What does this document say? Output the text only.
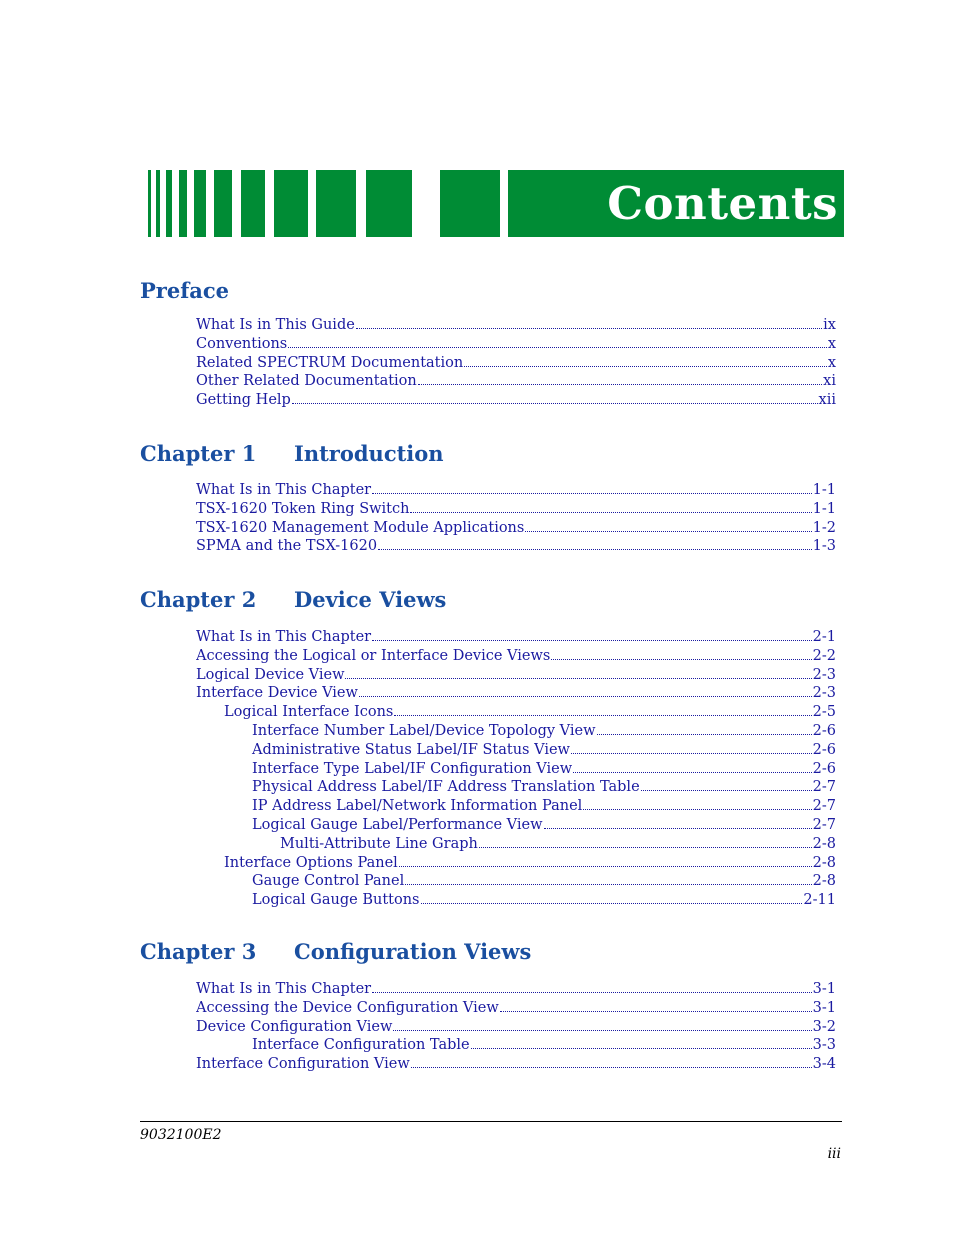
Contents
Preface
What Is in This Guide	ix
Conventions	x
Related SPECTRUM Documentation	x
Other Related Documentation	xi
Getting Help	xii
Chapter 1 Introduction
What Is in This Chapter	1-1
TSX-1620 Token Ring Switch	1-1
TSX-1620 Management Module Applications	1-2
SPMA and the TSX-1620	1-3
Chapter 2 Device Views
What Is in This Chapter	2-1
Accessing the Logical or Interface Device Views	2-2
Logical Device View	2-3
Interface Device View	2-3
Logical Interface Icons	2-5
Interface Number Label/Device Topology View	2-6
Administrative Status Label/IF Status View	2-6
Interface Type Label/IF Configuration View	2-6
Physical Address Label/IF Address Translation Table	2-7
IP Address Label/Network Information Panel	2-7
Logical Gauge Label/Performance View	2-7
Multi-Attribute Line Graph	2-8
Interface Options Panel	2-8
Gauge Control Panel	2-8
Logical Gauge Buttons	2-11
Chapter 3 Configuration Views
What Is in This Chapter	3-1
Accessing the Device Configuration View	3-1
Device Configuration View	3-2
Interface Configuration Table	3-3
Interface Configuration View	3-4
9032100E2
iii
